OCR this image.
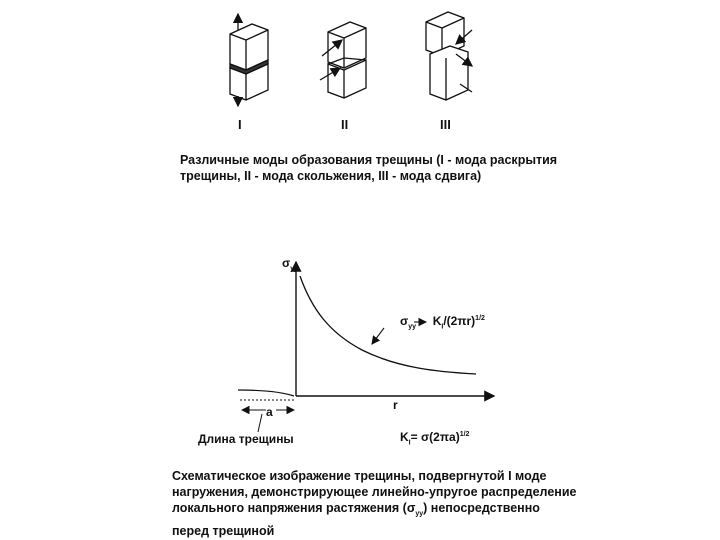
I	II	III
Различные моды образования трещины (I - мода раскрытия
трещины, II - мода скольжения, III - мода сдвига)
$\sigma_{yy}$
$\sigma_{yy}$ $K_I/(2\pi r)^{1/2}$
r
a
Длина трещины	$K_I= \sigma(2\pi a)^{1/2}$
Схематическое изображение трещины, подвергнутой I моде
нагружения, демонстрирующее линейно-упругое распределение
локального напряжения растяжения $(\sigma_{yy})$ непосредственно
перед трещиной
